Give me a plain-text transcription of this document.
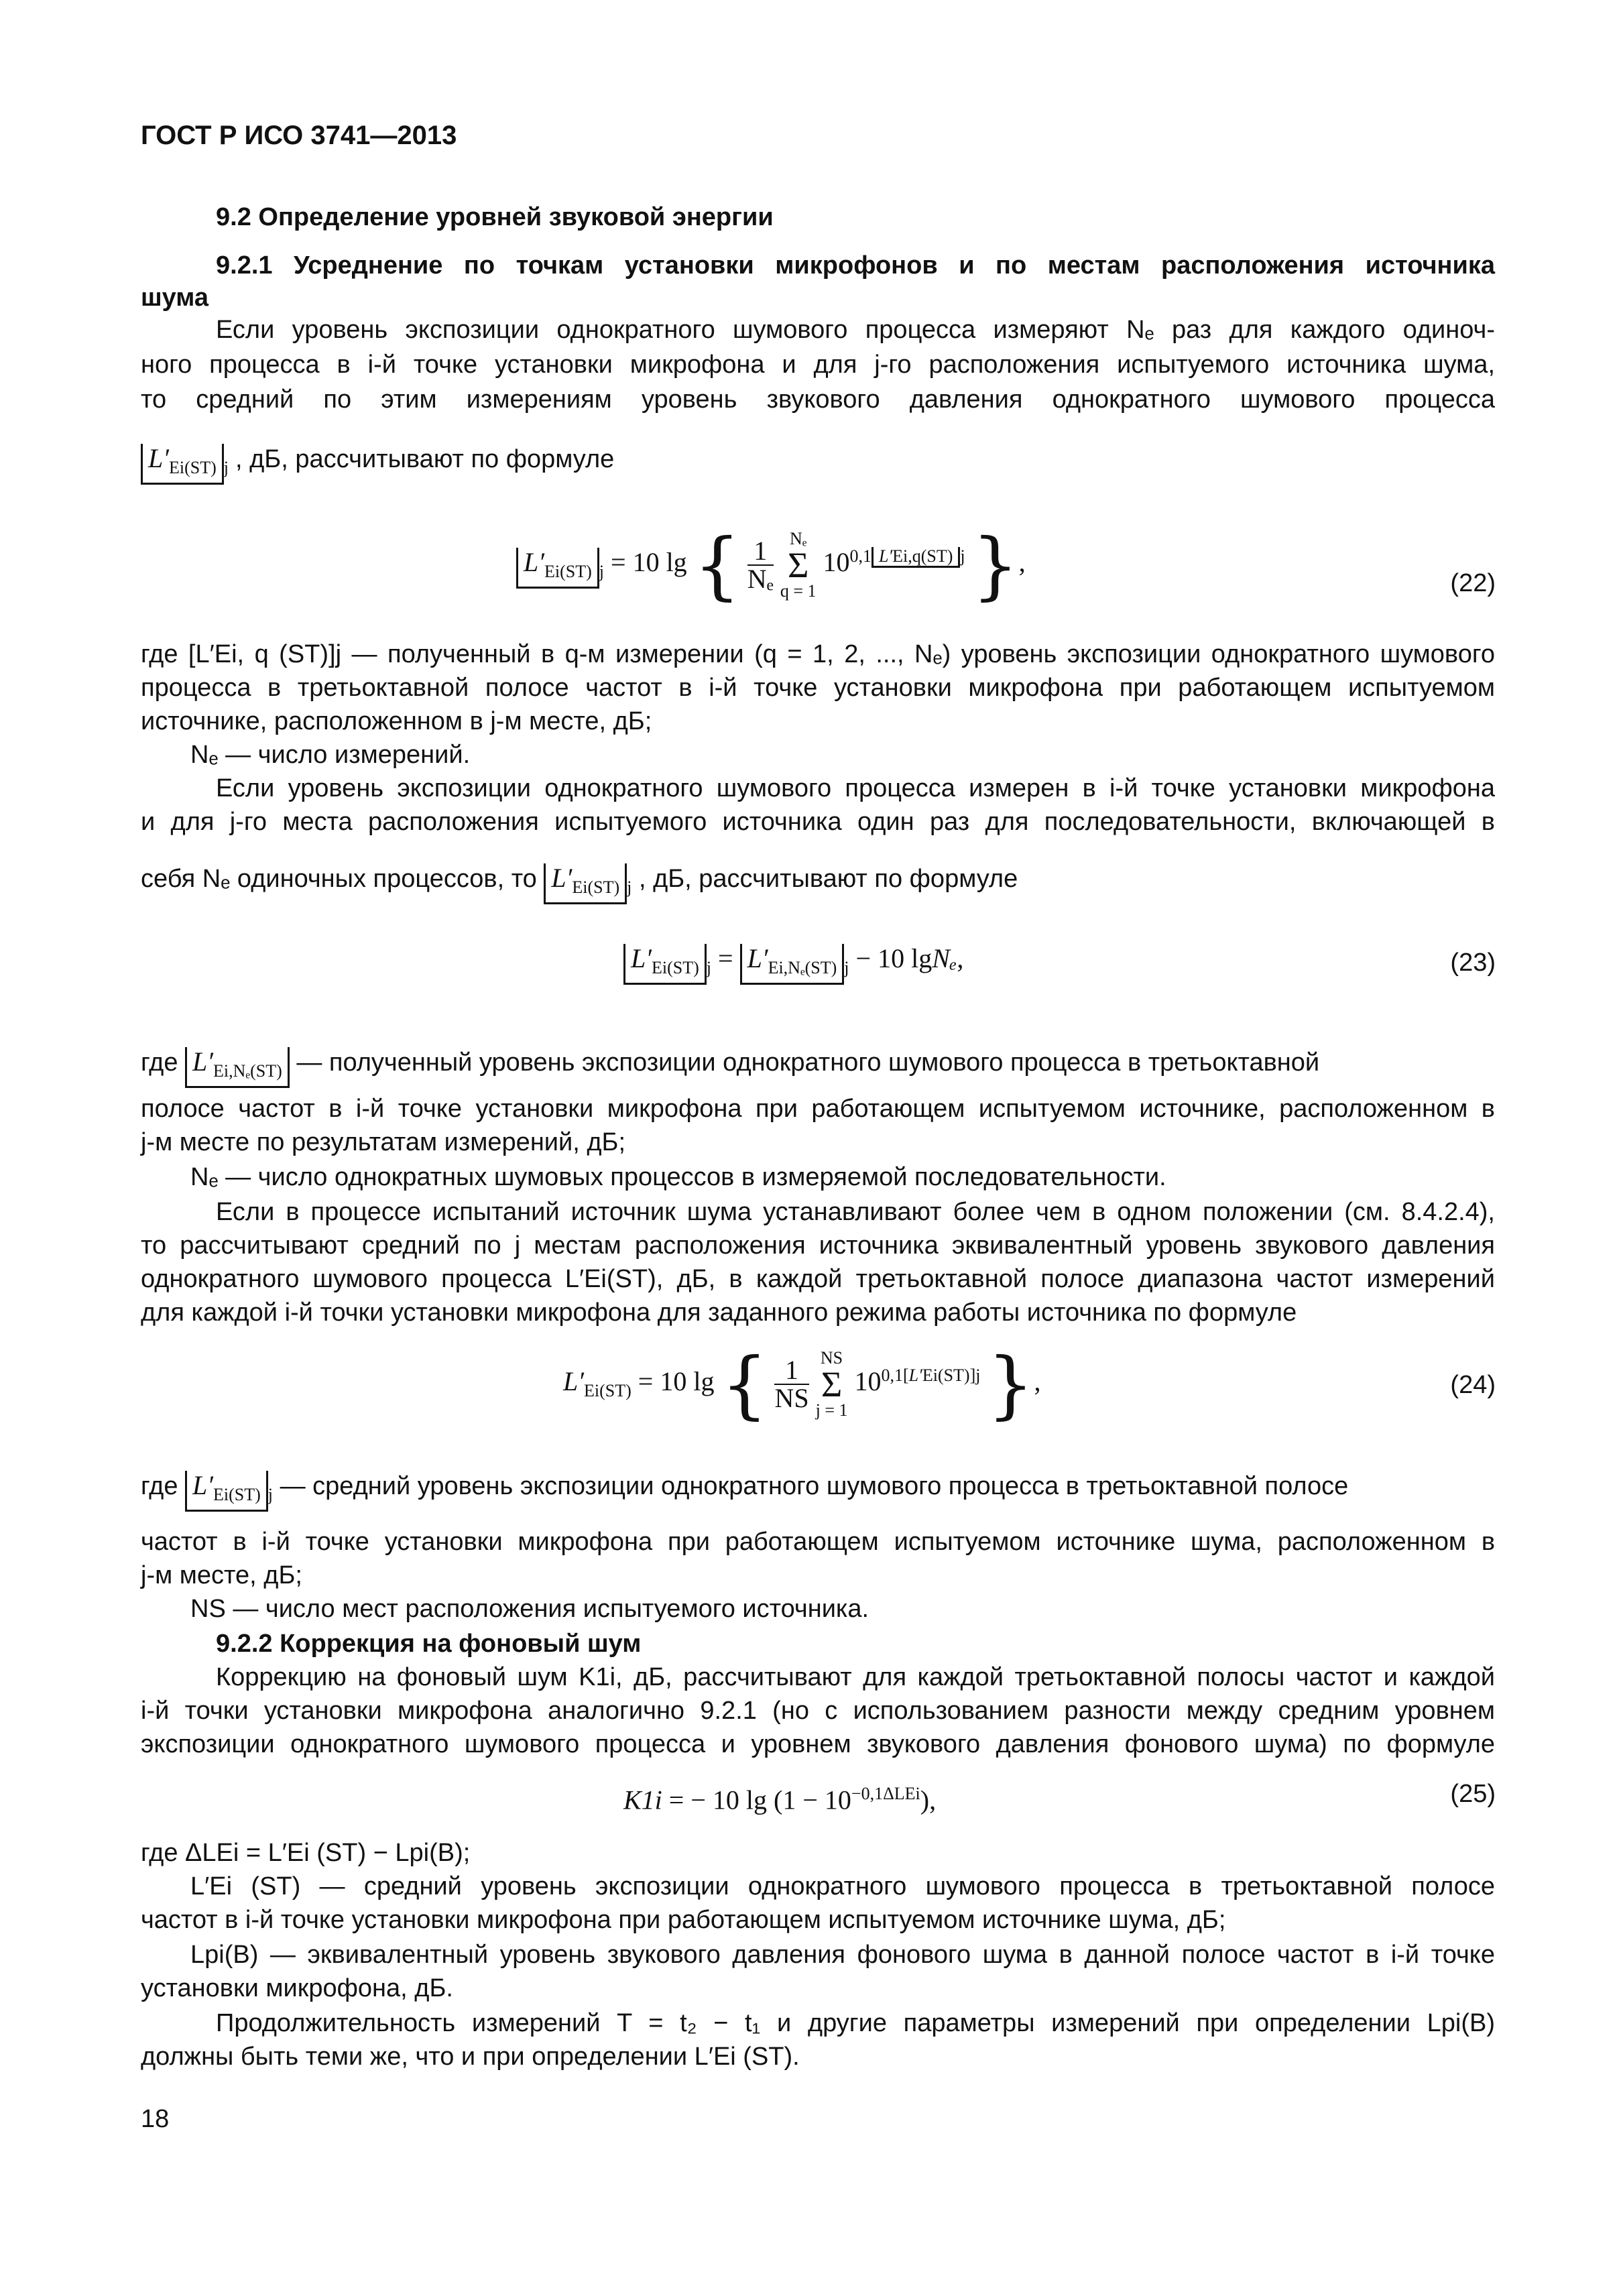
ГОСТ Р ИСО 3741—2013
9.2 Определение уровней звуковой энергии
9.2.1 Усреднение по точкам установки микрофонов и по местам расположения источника
шума
Если уровень экспозиции однократного шумового процесса измеряют Nₑ раз для каждого одиноч-
ного процесса в i-й точке установки микрофона и для j-го расположения испытуемого источника шума,
то средний по этим измерениям уровень звукового давления однократного шумового процесса
$L'_{Ei(ST)}$ $_j$ , дБ, рассчитывают по формуле
$L'_{Ei(ST)}$ $_j$ = 10 lg { $\frac{1}{\text{Nₑ}}$
Nₑ
Σ
q = 1
$10^{0,1 L'Ei,q(ST) j}$ },
(22)
где [L′Ei, q (ST)]j — полученный в q-м измерении (q = 1, 2, ..., Nₑ) уровень экспозиции однократного шумового
процесса в третьоктавной полосе частот в i-й точке установки микрофона при работающем испытуемом
источнике, расположенном в j-м месте, дБ;
Nₑ — число измерений.
Если уровень экспозиции однократного шумового процесса измерен в i-й точке установки микрофона
и для j-го места расположения испытуемого источника один раз для последовательности, включающей в
себя Nₑ одиночных процессов, то $L'_{Ei(ST)}$ $_j$ , дБ, рассчитывают по формуле
$L'_{Ei(ST)}$ $_j = L'_{Ei,N_e(ST)}$ $_j$ − 10 lgNₑ,	(23)
где $L'_{Ei,N_e(ST)}$ — полученный уровень экспозиции однократного шумового процесса в третьоктавной
полосе частот в i-й точке установки микрофона при работающем испытуемом источнике, расположенном в
j-м месте по результатам измерений, дБ;
Nₑ — число однократных шумовых процессов в измеряемой последовательности.
Если в процессе испытаний источник шума устанавливают более чем в одном положении (см. 8.4.2.4),
то рассчитывают средний по j местам расположения источника эквивалентный уровень звукового давления
однократного шумового процесса L′Ei(ST), дБ, в каждой третьоктавной полосе диапазона частот измерений
для каждой i-й точки установки микрофона для заданного режима работы источника по формуле
$L'_{Ei(ST)} = 10$ lg { $\frac{1}{NS}$
NS
Σ
j = 1
$10^{0,1[L'Ei(ST)]j}$ },	(24)
где $L'_{Ei(ST)}$ $_j$ — средний уровень экспозиции однократного шумового процесса в третьоктавной полосе
частот в i-й точке установки микрофона при работающем испытуемом источнике шума, расположенном в
j-м месте, дБ;
NS — число мест расположения испытуемого источника.
9.2.2 Коррекция на фоновый шум
Коррекцию на фоновый шум K1i, дБ, рассчитывают для каждой третьоктавной полосы частот и каждой
i-й точки установки микрофона аналогично 9.2.1 (но с использованием разности между средним уровнем
экспозиции однократного шумового процесса и уровнем звукового давления фонового шума) по формуле
K1i = − 10 $\lg (1 - 10^{-0,1\Delta LEi})$,	(25)
где ΔLEi = L′Ei (ST) − Lpi(B);
L′Ei (ST) — средний уровень экспозиции однократного шумового процесса в третьоктавной полосе
частот в i-й точке установки микрофона при работающем испытуемом источнике шума, дБ;
Lpi(B) — эквивалентный уровень звукового давления фонового шума в данной полосе частот в i-й точке
установки микрофона, дБ.
Продолжительность измерений T = t₂ − t₁ и другие параметры измерений при определении Lpi(B)
должны быть теми же, что и при определении L′Ei (ST).
18
